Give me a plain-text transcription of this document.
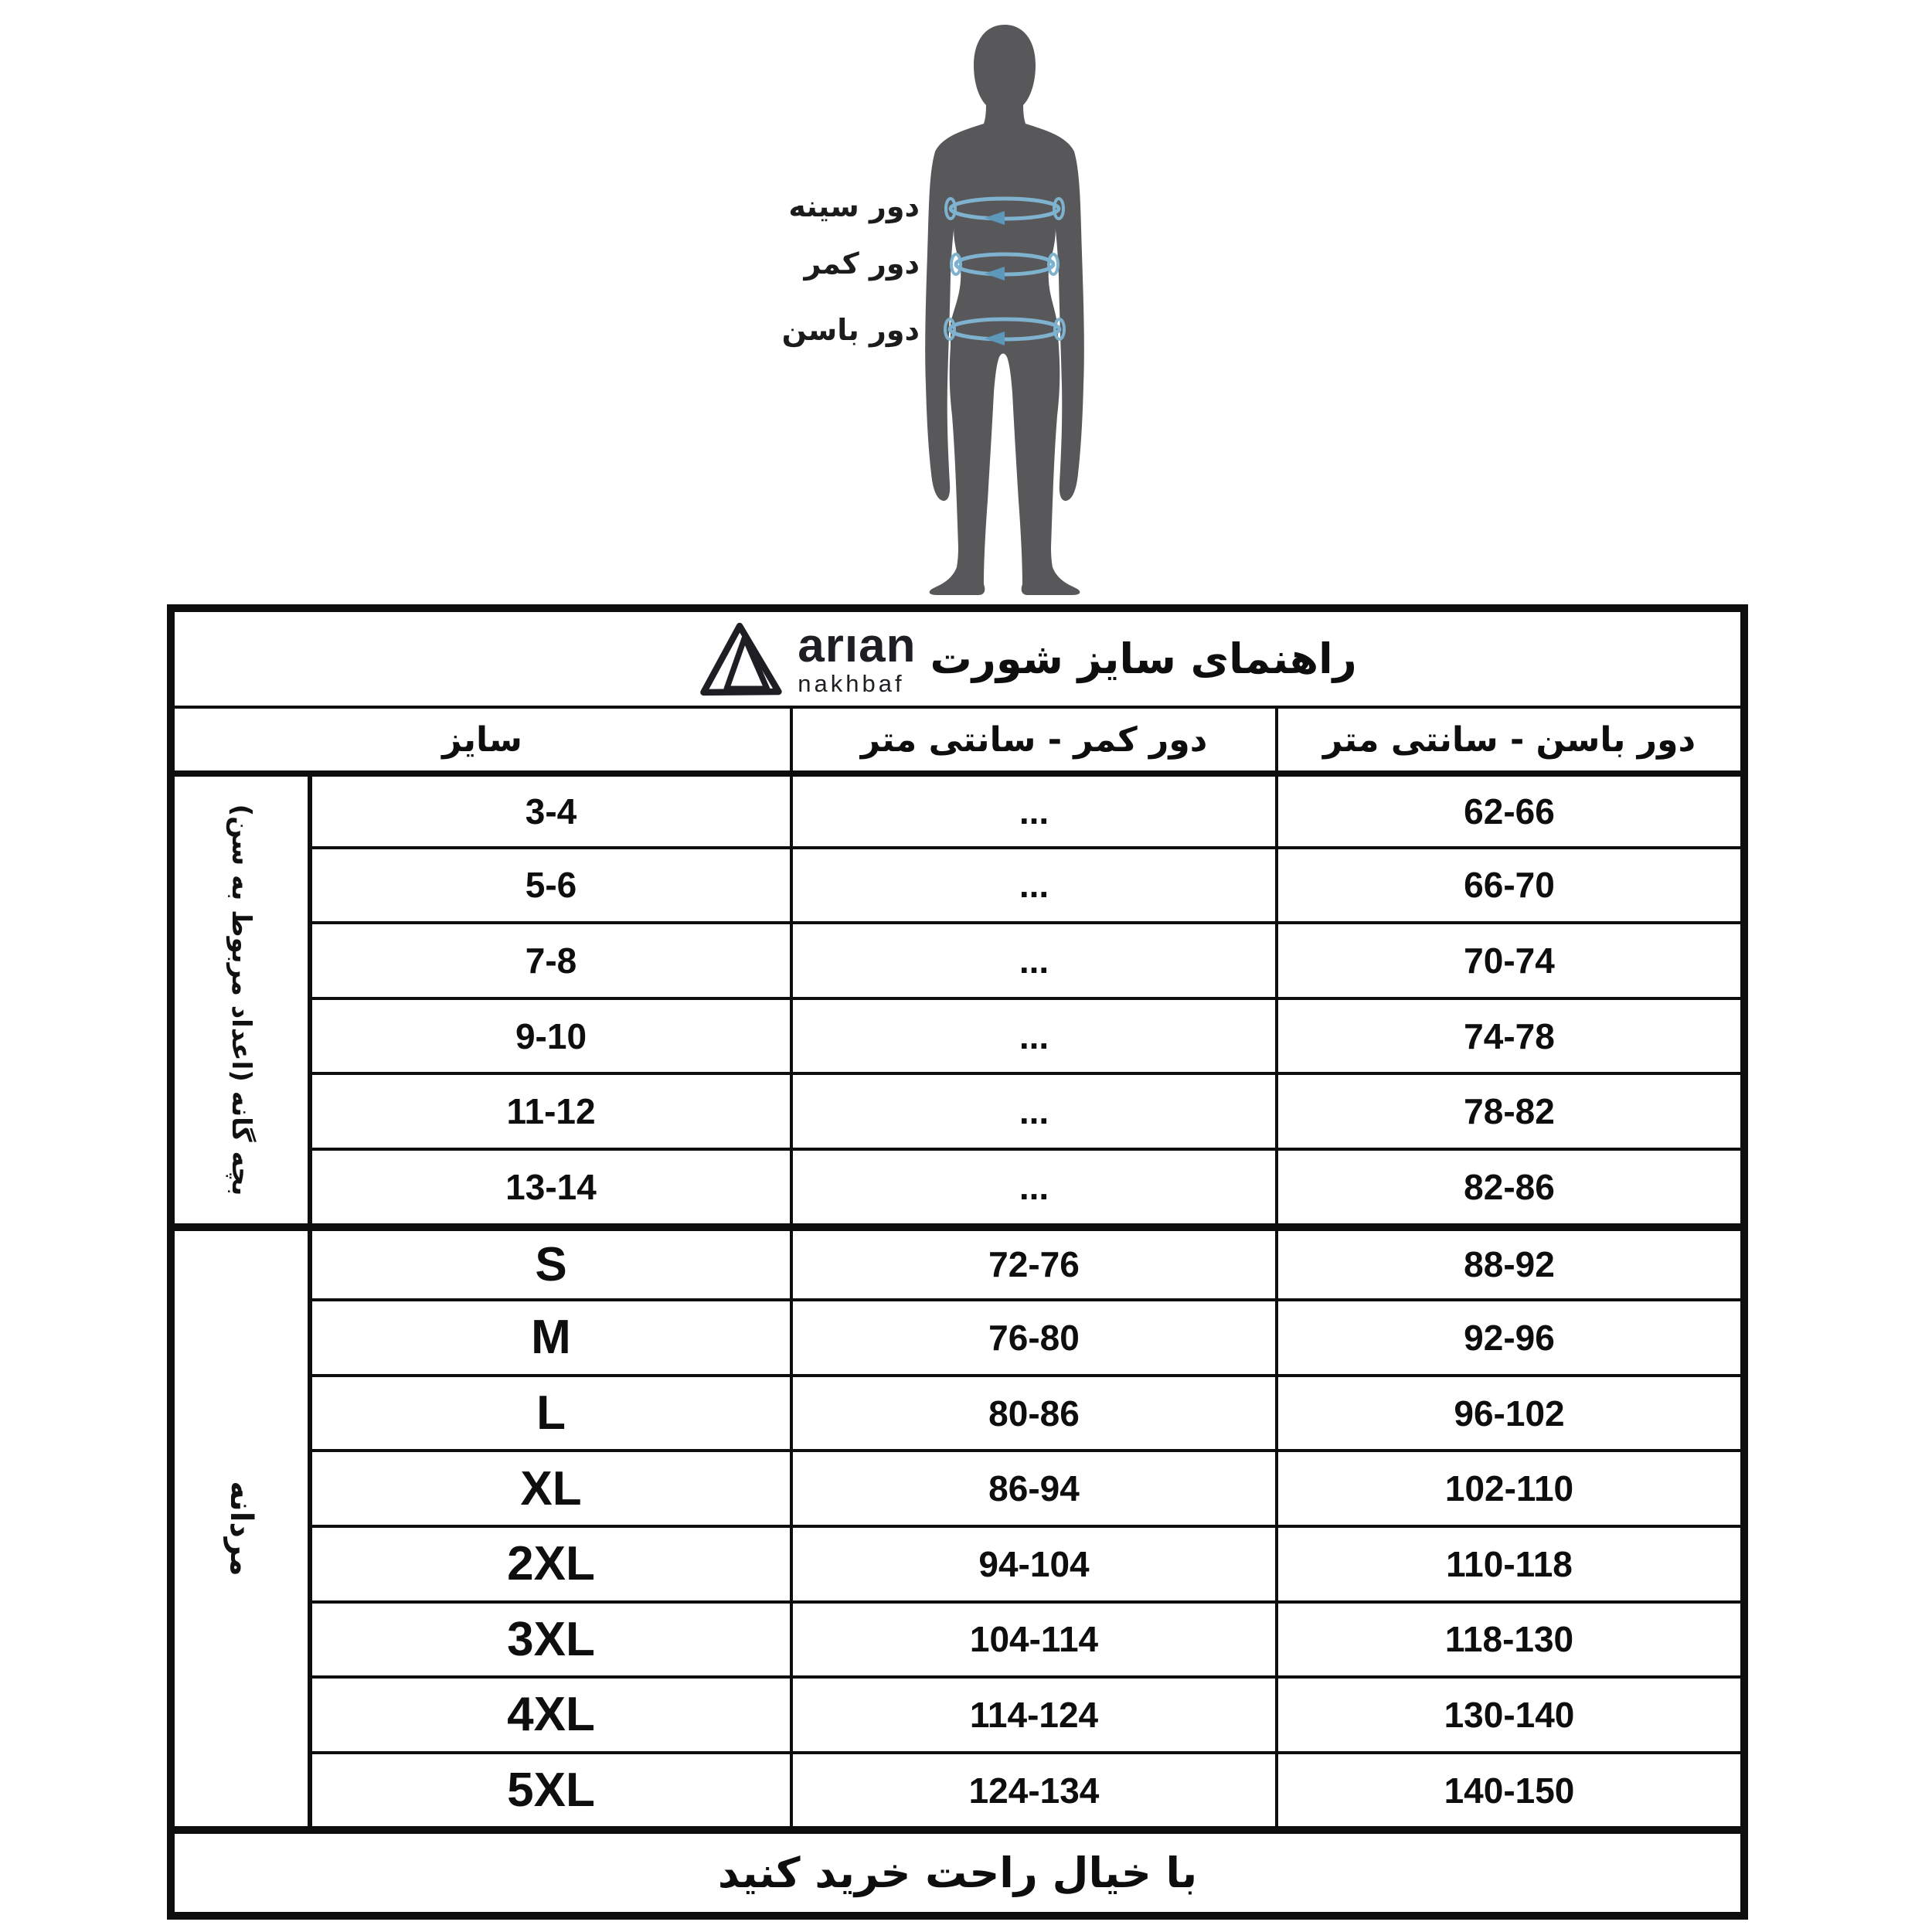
دور سینه
دور کمر
دور باسن
arıan
nakhbaf
راهنمای سایز شورت
سایز	دور کمر - سانتی متر	دور باسن - سانتی متر
بچه گانه (اعداد مربوط به سن)	3-4	...	62-66
5-6	...	66-70
7-8	...	70-74
9-10	...	74-78
11-12	...	78-82
13-14	...	82-86
مردانه
S	72-76	88-92
M	76-80	92-96
L	80-86	96-102
XL	86-94	102-110
2XL	94-104	110-118
3XL	104-114	118-130
4XL	114-124	130-140
5XL	124-134	140-150
با خیال راحت خرید کنید
